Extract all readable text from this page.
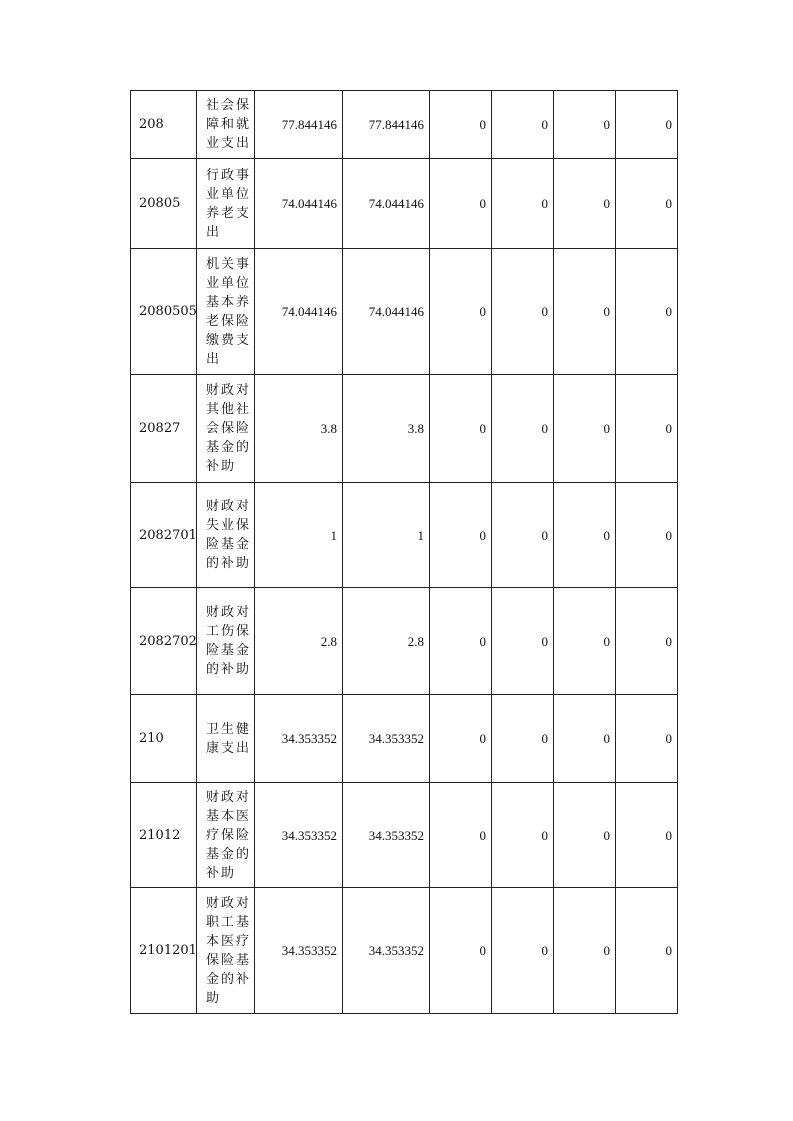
208	社会保障和就业支出	77.844146	77.844146	0	0	0	0
20805	行政事业单位养老支出	74.044146	74.044146	0	0	0	0
2080505	机关事业单位基本养老保险缴费支出	74.044146	74.044146	0	0	0	0
20827	财政对其他社会保险基金的补助	3.8	3.8	0	0	0	0
2082701	财政对失业保险基金的补助	1	1	0	0	0	0
2082702	财政对工伤保险基金的补助	2.8	2.8	0	0	0	0
210	卫生健康支出	34.353352	34.353352	0	0	0	0
21012	财政对基本医疗保险基金的补助	34.353352	34.353352	0	0	0	0
2101201	财政对职工基本医疗保险基金的补助	34.353352	34.353352	0	0	0	0
